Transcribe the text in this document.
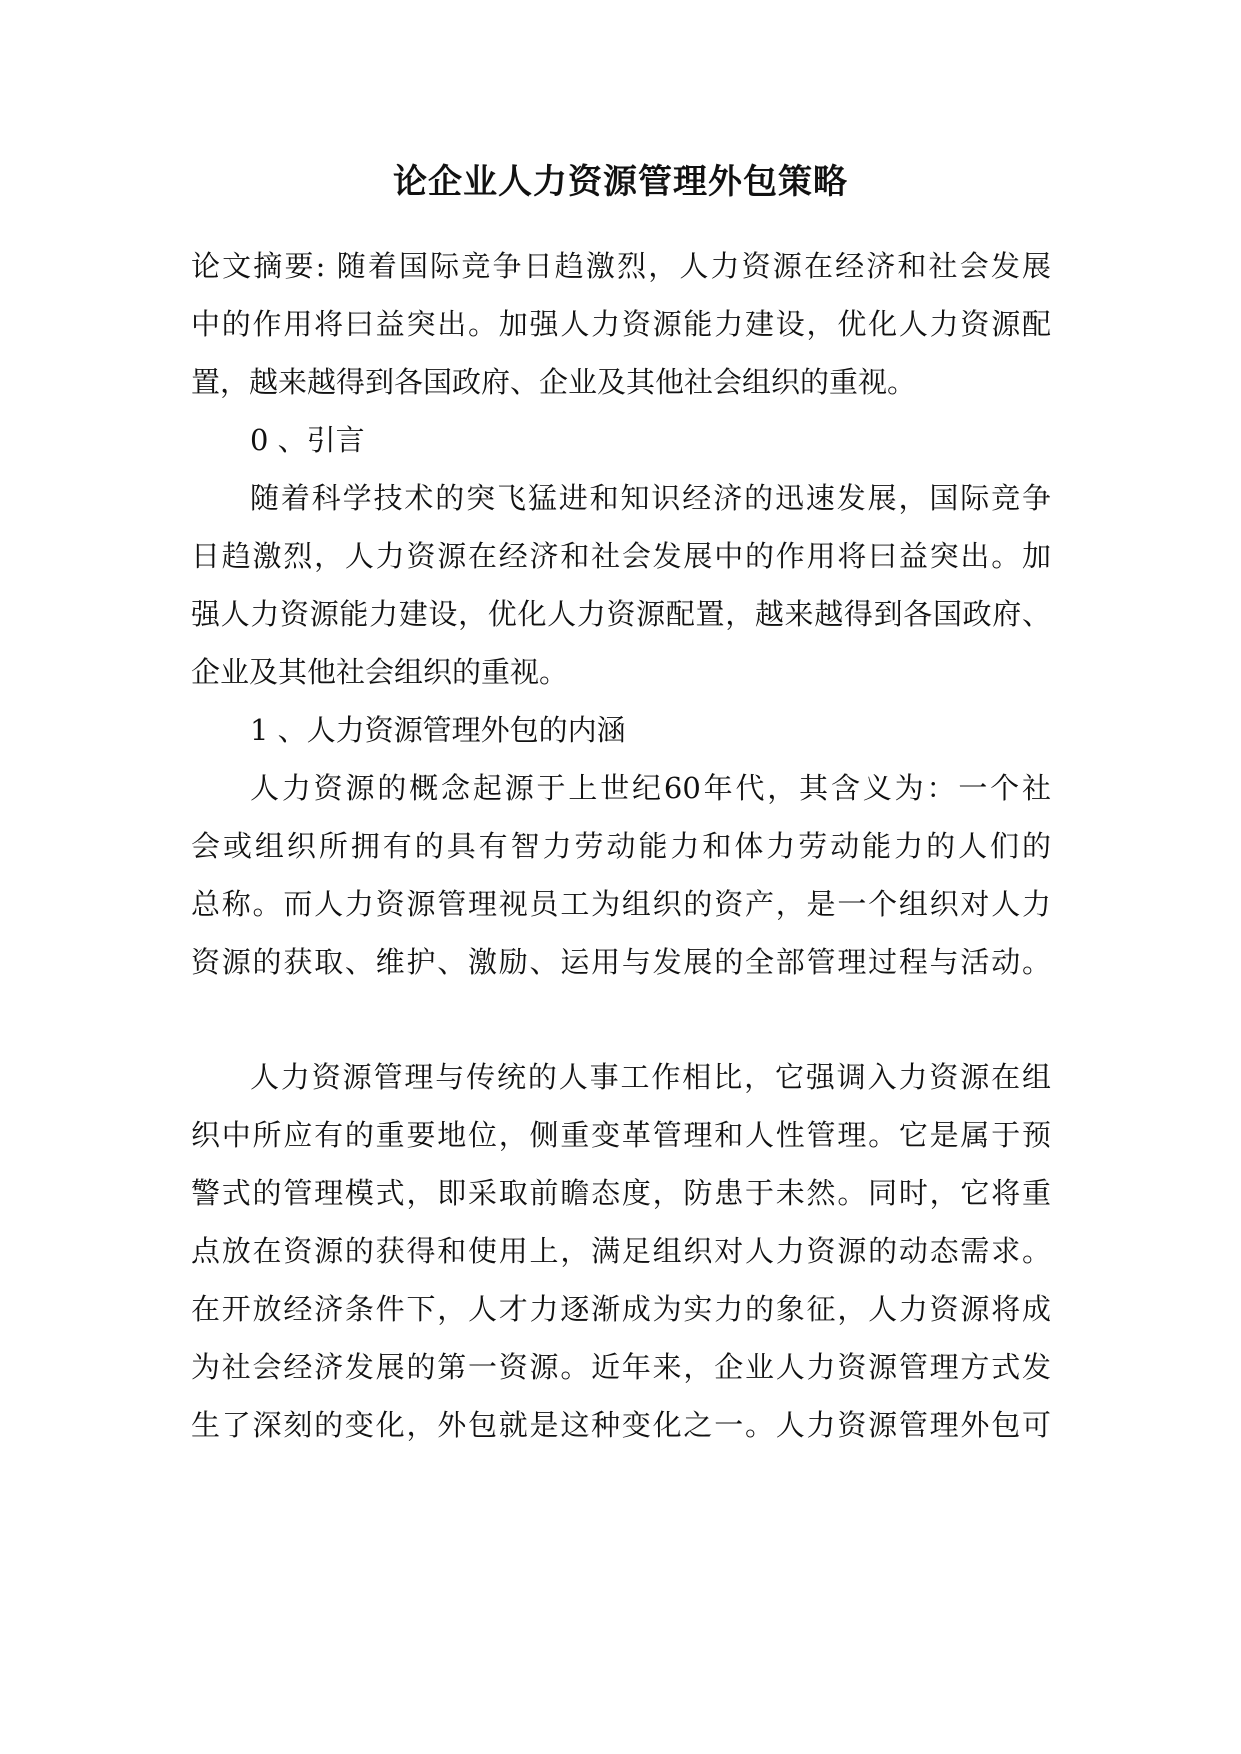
论企业人力资源管理外包策略
论文摘要: 随着国际竞争日趋激烈，人力资源在经济和社会发展
中的作用将曰益突出。加强人力资源能力建设，优化人力资源配
置，越来越得到各国政府、企业及其他社会组织的重视。
0 、引言
随着科学技术的突飞猛进和知识经济的迅速发展，国际竞争
日趋激烈，人力资源在经济和社会发展中的作用将曰益突出。加
强人力资源能力建设，优化人力资源配置，越来越得到各国政府、
企业及其他社会组织的重视。
1 、人力资源管理外包的内涵
人力资源的概念起源于上世纪60年代，其含义为：一个社
会或组织所拥有的具有智力劳动能力和体力劳动能力的人们的
总称。而人力资源管理视员工为组织的资产，是一个组织对人力
资源的获取、维护、激励、运用与发展的全部管理过程与活动。
人力资源管理与传统的人事工作相比，它强调入力资源在组
织中所应有的重要地位，侧重变革管理和人性管理。它是属于预
警式的管理模式，即采取前瞻态度，防患于未然。同时，它将重
点放在资源的获得和使用上，满足组织对人力资源的动态需求。
在开放经济条件下，人才力逐渐成为实力的象征，人力资源将成
为社会经济发展的第一资源。近年来，企业人力资源管理方式发
生了深刻的变化，外包就是这种变化之一。人力资源管理外包可
